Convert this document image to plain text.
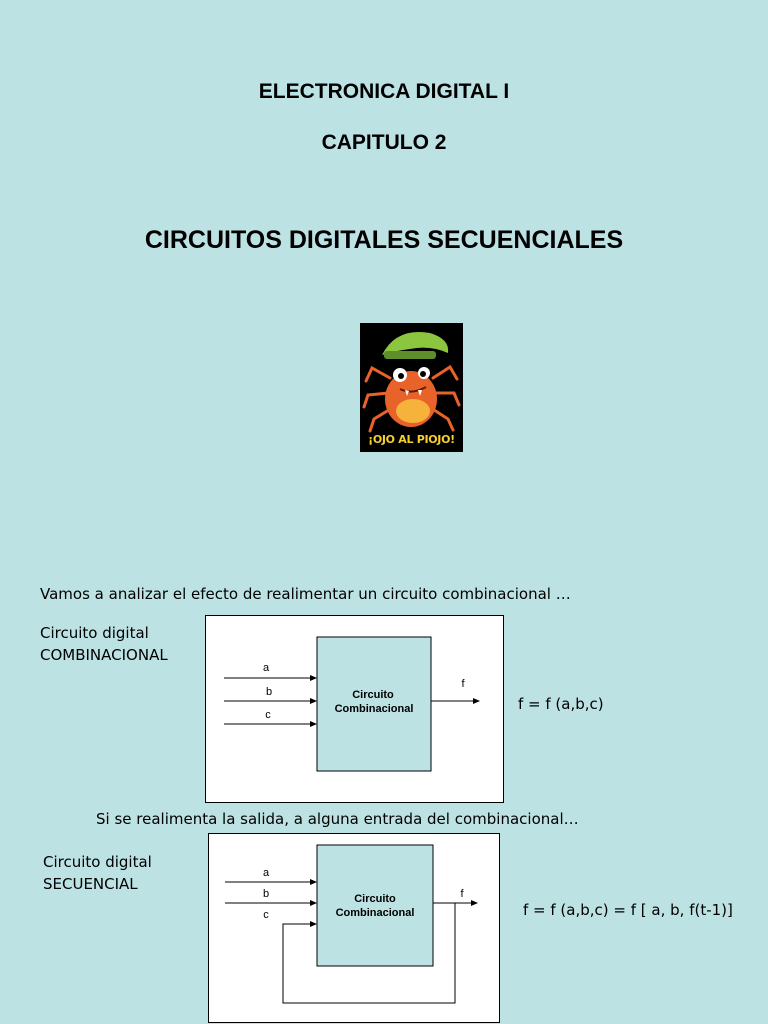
ELECTRONICA DIGITAL I
CAPITULO 2
CIRCUITOS DIGITALES SECUENCIALES
¡OJO AL PIOJO!
Vamos a analizar el efecto de realimentar un circuito combinacional …
Circuito digital
COMBINACIONAL
a
b
c
f
Circuito
Combinacional	f = f (a,b,c)
Si se realimenta la salida, a alguna entrada del combinacional…
Circuito digital
SECUENCIAL
a
b
c
f
Circuito
Combinacional	f = f (a,b,c) = f [ a, b, f(t-1)]
